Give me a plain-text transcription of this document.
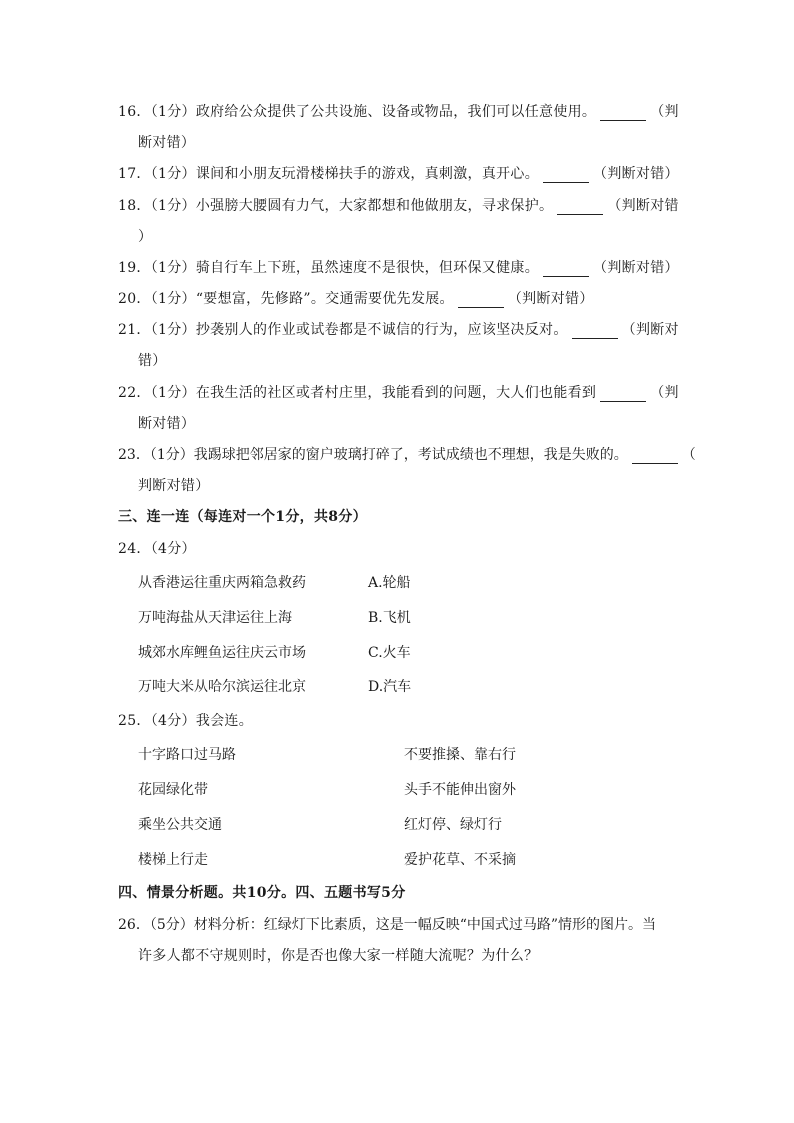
16．（1分）政府给公众提供了公共设施、设备或物品，我们可以任意使用。	（判
断对错）
17．（1分）课间和小朋友玩滑楼梯扶手的游戏，真刺激，真开心。	（判断对错）
18．（1分）小强膀大腰圆有力气，大家都想和他做朋友，寻求保护。	（判断对错
）
19．（1分）骑自行车上下班，虽然速度不是很快，但环保又健康。	（判断对错）
20．（1分）“要想富，先修路”。交通需要优先发展。	（判断对错）
21．（1分）抄袭别人的作业或试卷都是不诚信的行为，应该坚决反对。	（判断对
错）
22．（1分）在我生活的社区或者村庄里，我能看到的问题，大人们也能看到	（判
断对错）
23．（1分）我踢球把邻居家的窗户玻璃打碎了，考试成绩也不理想，我是失败的。	（
判断对错）
三、连一连（每连对一个1分，共8分）
24．（4分）
从香港运往重庆两箱急救药	A.轮船
万吨海盐从天津运往上海	B.飞机
城郊水库鲤鱼运往庆云市场	C.火车
万吨大米从哈尔滨运往北京	D.汽车
25．（4分）我会连。
十字路口过马路	不要推搡、靠右行
花园绿化带	头手不能伸出窗外
乘坐公共交通	红灯停、绿灯行
楼梯上行走	爱护花草、不采摘
四、情景分析题。共10分。四、五题书写5分
26．（5分）材料分析：红绿灯下比素质，这是一幅反映“中国式过马路”情形的图片。当
许多人都不守规则时，你是否也像大家一样随大流呢？为什么？
